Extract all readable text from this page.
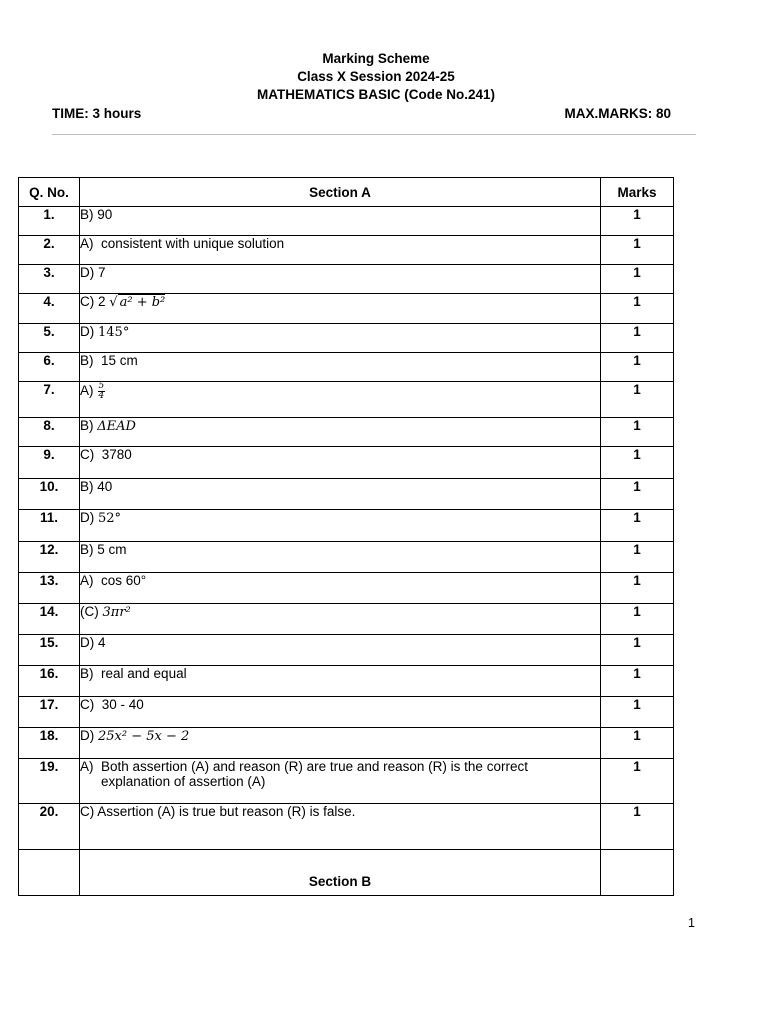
Marking Scheme
Class X Session 2024-25
MATHEMATICS BASIC (Code No.241)
TIME: 3 hours	MAX.MARKS: 80
Q. No.	Section A	Marks
1.	B) 90	1
2.	A) consistent with unique solution	1
3.	D) 7	1
4.	C) 2 √ a² + b²	1
5.	D) 145°	1
6.	B) 15 cm	1
7.	$A) \frac{5}{4}$	1
8.	B) ΔEAD	1
9.	C) 3780	1
10.	B) 40	1
11.	D) 52°	1
12.	B) 5 cm	1
13.	A) cos 60°	1
14.	(C) 3πr²	1
15.	D) 4	1
16.	B) real and equal	1
17.	C) 30 - 40	1
18.	D) 25x² − 5x − 2	1
19.	A) Both assertion (A) and reason (R) are true and reason (R) is the correct explanation of assertion (A)	1
20.	C) Assertion (A) is true but reason (R) is false.	1
	Section B	
1
